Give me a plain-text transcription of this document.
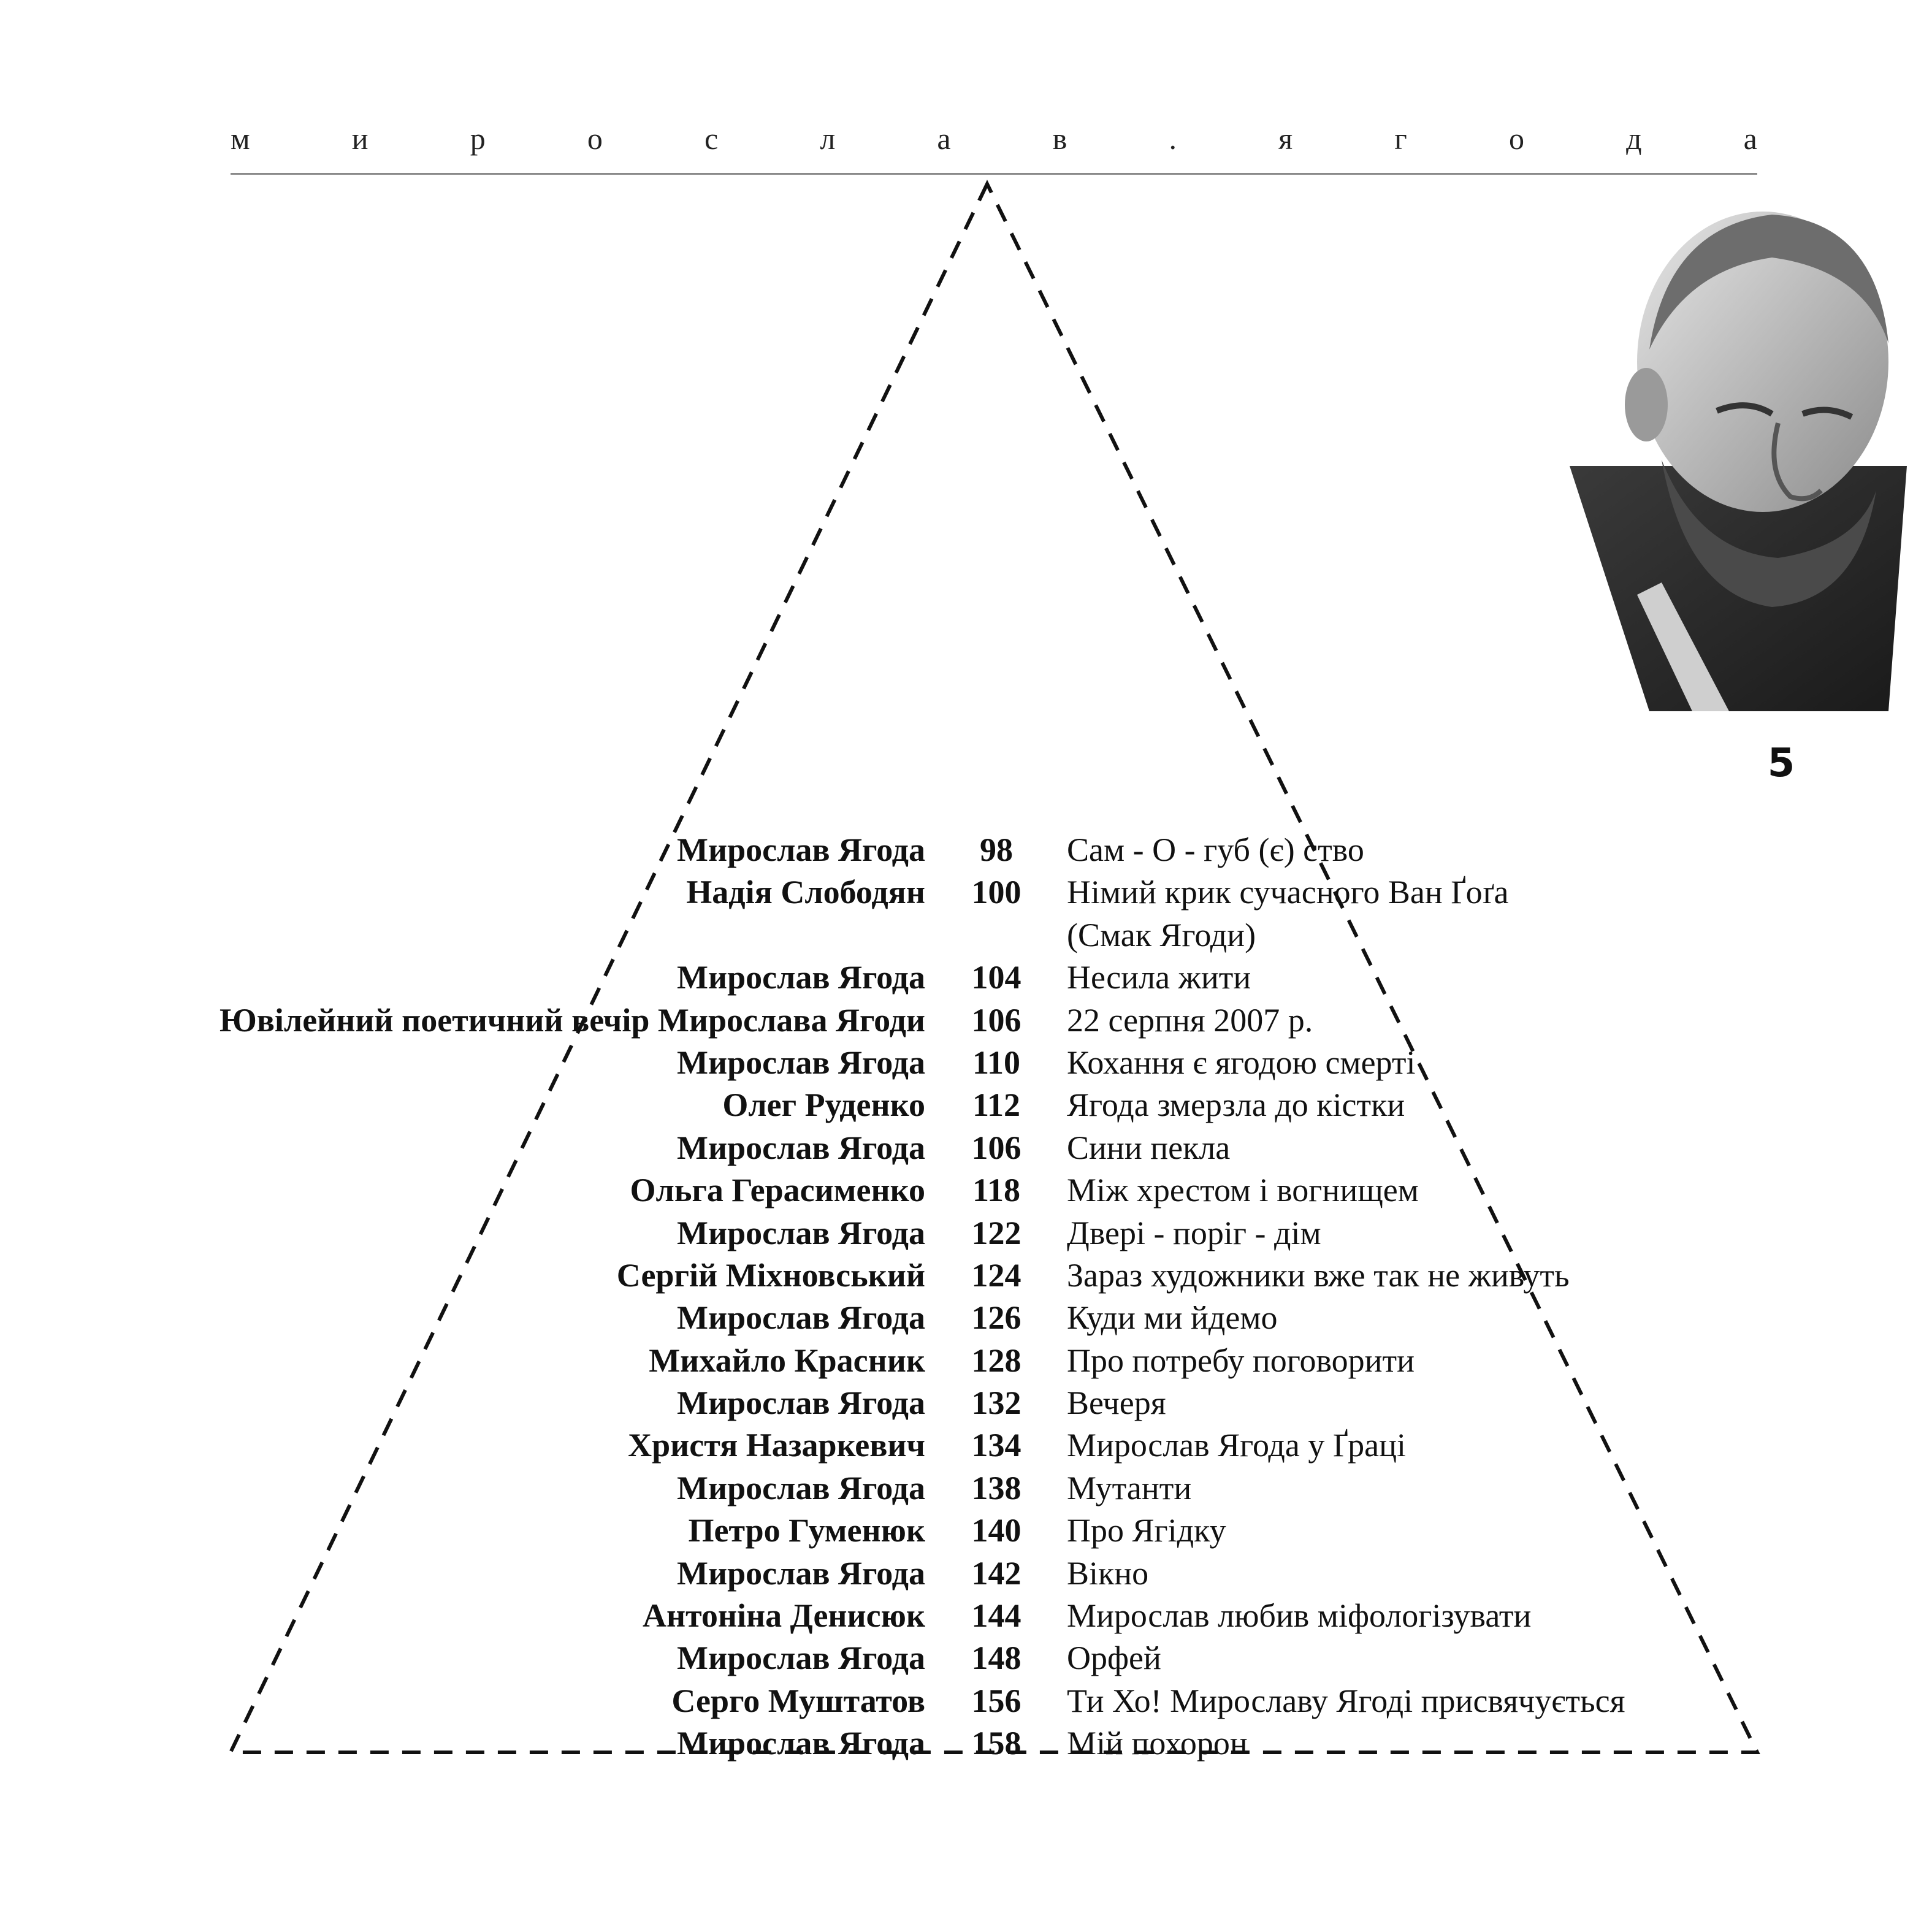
м	и	р	о	с	л	а	в	.	я	г	о	д	а
5
Мирослав Ягода	98	Сам - О - губ (є) ство
Надія Слободян	100	Німий крик сучасного Ван Ґоґа
(Смак Ягоди)
Мирослав Ягода	104	Несила жити
Ювілейний поетичний вечір Мирослава Ягоди	106	22 серпня 2007 р.
Мирослав Ягода	110	Кохання є ягодою смерті
Олег Руденко	112	Ягода змерзла до кістки
Мирослав Ягода	106	Сини пекла
Ольга Герасименко	118	Між хрестом і вогнищем
Мирослав Ягода	122	Двері - поріг - дім
Сергій Міхновський	124	Зараз художники вже так не живуть
Мирослав Ягода	126	Куди ми йдемо
Михайло Красник	128	Про потребу поговорити
Мирослав Ягода	132	Вечеря
Христя Назаркевич	134	Мирослав Ягода у Ґраці
Мирослав Ягода	138	Мутанти
Петро Гуменюк	140	Про Ягідку
Мирослав Ягода	142	Вікно
Антоніна Денисюк	144	Мирослав любив міфологізувати
Мирослав Ягода	148	Орфей
Серго Муштатов	156	Ти Хо! Мирославу Ягоді присвячується
Мирослав Ягода	158	Мій похорон
